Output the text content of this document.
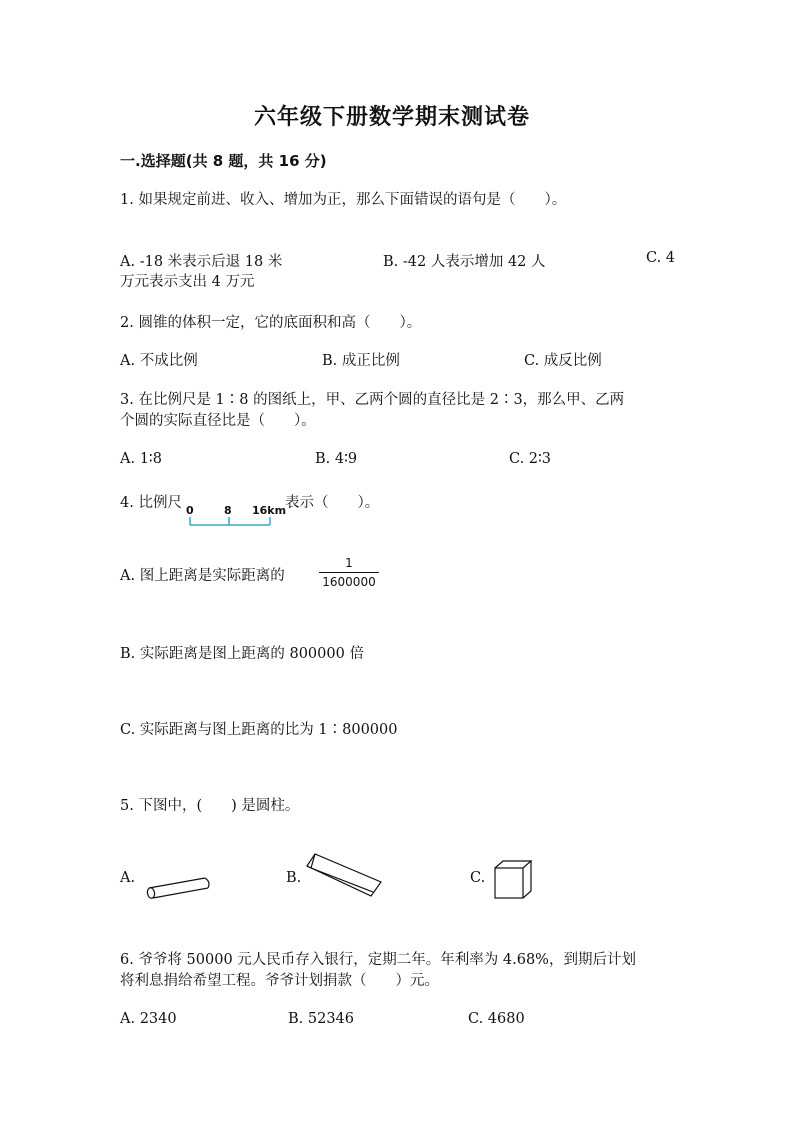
六年级下册数学期末测试卷
一.选择题(共 8 题，共 16 分)
1. 如果规定前进、收入、增加为正，那么下面错误的语句是（　　）。
A. -18 米表示后退 18 米	B. -42 人表示增加 42 人	C. 4
万元表示支出 4 万元
2. 圆锥的体积一定，它的底面积和高（　　）。
A. 不成比例	B. 成正比例	C. 成反比例
3. 在比例尺是 1∶8 的图纸上，甲、乙两个圆的直径比是 2∶3，那么甲、乙两
个圆的实际直径比是（　　）。
A. 1∶8	B. 4∶9	C. 2∶3
4. 比例尺	表示（　　）。
0	8 16km
A. 图上距离是实际距离的
1
1600000
B. 实际距离是图上距离的 800000 倍
C. 实际距离与图上距离的比为 1∶800000
5. 下图中，(　　) 是圆柱。
A.	B.	C.
6. 爷爷将 50000 元人民币存入银行，定期二年。年利率为 4.68%，到期后计划
将利息捐给希望工程。爷爷计划捐款（　　）元。
A. 2340	B. 52346	C. 4680
